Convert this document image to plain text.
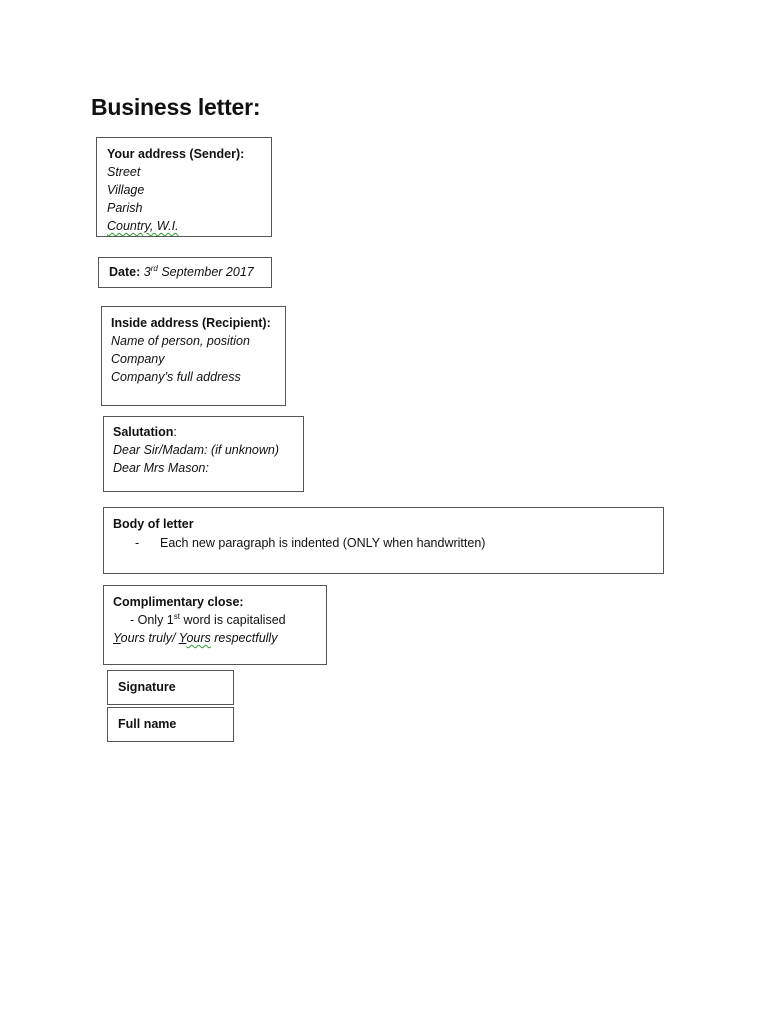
Business letter:
Your address (Sender):
Street
Village
Parish
Country, W.I.
Date: 3rd September 2017
Inside address (Recipient):
Name of person, position
Company
Company’s full address
Salutation:
Dear Sir/Madam: (if unknown)
Dear Mrs Mason:
Body of letter
- Each new paragraph is indented (ONLY when handwritten)
Complimentary close:
- Only 1st word is capitalised
Yours truly/ Yours respectfully
Signature
Full name
